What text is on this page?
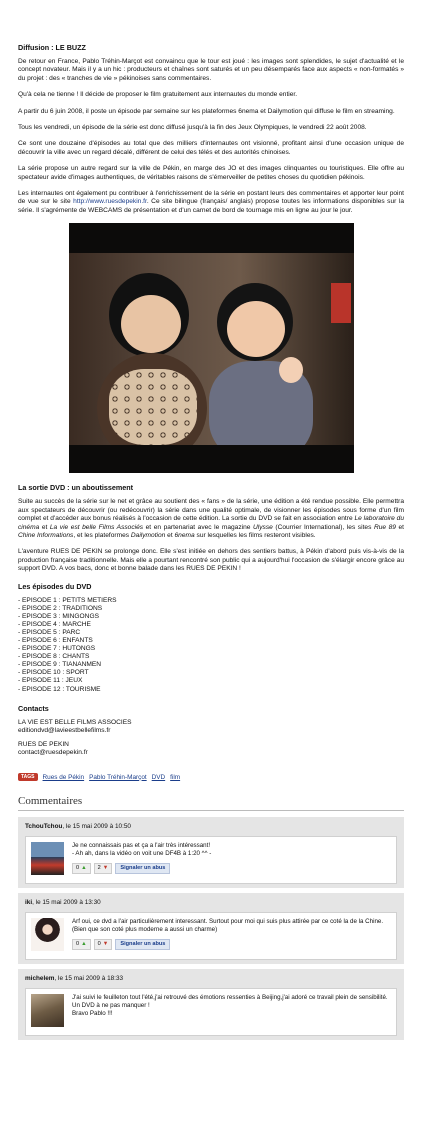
Diffusion : LE BUZZ

De retour en France, Pablo Tréhin-Marçot est convaincu que le tour est joué : les images sont splendides, le sujet d'actualité et le concept novateur. Mais il y a un hic : producteurs et chaînes sont saturés et un peu désemparés face aux aspects « non-formatés » du projet : des « tranches de vie » pékinoises sans commentaires.

Qu'à cela ne tienne ! Il décide de proposer le film gratuitement aux internautes du monde entier.

A partir du 6 juin 2008, il poste un épisode par semaine sur les plateformes 6nema et Dailymotion qui diffuse le film en streaming.

Tous les vendredi, un épisode de la série est donc diffusé jusqu'à la fin des Jeux Olympiques, le vendredi 22 août 2008.

Ce sont une douzaine d'épisodes au total que des milliers d'internautes ont visionné, profitant ainsi d'une occasion unique de découvrir la ville avec un regard décalé, différent de celui des télés et des autorités chinoises.

La série propose un autre regard sur la ville de Pékin, en marge des JO et des images clinquantes ou touristiques. Elle offre au spectateur avide d'images authentiques, de véritables raisons de s'émerveiller de petites choses du quotidien pékinois.

Les internautes ont également pu contribuer à l'enrichissement de la série en postant leurs des commentaires et apporter leur point de vue sur le site http://www.ruesdepekin.fr. Ce site bilingue (français/ anglais) propose toutes les informations disponibles sur la série. Il s'agrémente de WEBCAMS de présentation et d'un carnet de bord de tournage mis en ligne au jour le jour.

La sortie DVD : un aboutissement

Suite au succès de la série sur le net et grâce au soutient des « fans » de la série, une édition a été rendue possible. Elle permettra aux spectateurs de découvrir (ou redécouvrir) la série dans une qualité optimale, de visionner les épisodes sous forme d'un film complet et d'accéder aux bonus réalisés à l'occasion de cette édition. La sortie du DVD se fait en association entre Le laboratoire du cinéma et La vie est belle Films Associés et en partenariat avec le magazine Ulysse (Courrier International), les sites Rue 89 et Chine Informations, et les plateformes Dailymotion et 6nema sur lesquelles les films resteront visibles.

L'aventure RUES DE PEKIN se prolonge donc. Elle s'est initiée en dehors des sentiers battus, à Pékin d'abord puis vis-à-vis de la production française traditionnelle. Mais elle a pourtant rencontré son public qui a aujourd'hui l'occasion de s'élargir encore grâce au support DVD. A vos bacs, donc et bonne balade dans les RUES DE PEKIN !

Les épisodes du DVD
- EPISODE 1 : PETITS METIERS
- EPISODE 2 : TRADITIONS
- EPISODE 3 : MINGONGS
- EPISODE 4 : MARCHE
- EPISODE 5 : PARC
- EPISODE 6 : ENFANTS
- EPISODE 7 : HUTONGS
- EPISODE 8 : CHANTS
- EPISODE 9 : TIANANMEN
- EPISODE 10 : SPORT
- EPISODE 11 : JEUX
- EPISODE 12 : TOURISME
Contacts
LA VIE EST BELLE FILMS ASSOCIES
editiondvd@lavieestbellefilms.fr
RUES DE PEKIN
contact@ruesdepekin.fr
TAGS	Rues de Pékin Pablo Tréhin-Marçot DVD film
Commentaires
TchouTchou, le 15 mai 2009 à 10:50
Je ne connaissais pas et ça a l'air très intéressant!
- Ah ah, dans la vidéo on voit une DF4B à 1:20 ^^ -
0 ▲ 2 ▼	Signaler un abus
iki, le 15 mai 2009 à 13:30
Arf oui, ce dvd a l'air particulièrement interessant. Surtout pour moi qui suis plus attirée par ce coté la de la Chine. (Bien que son coté plus moderne a aussi un charme)
0 ▲ 0 ▼	Signaler un abus
michelem, le 15 mai 2009 à 18:33
J'ai suivi le feuilleton tout l'été,j'ai retrouvé des émotions ressenties à Beijing,j'ai adoré ce travail plein de sensibilité.
Un DVD à ne pas manquer !
Bravo Pablo !!!
